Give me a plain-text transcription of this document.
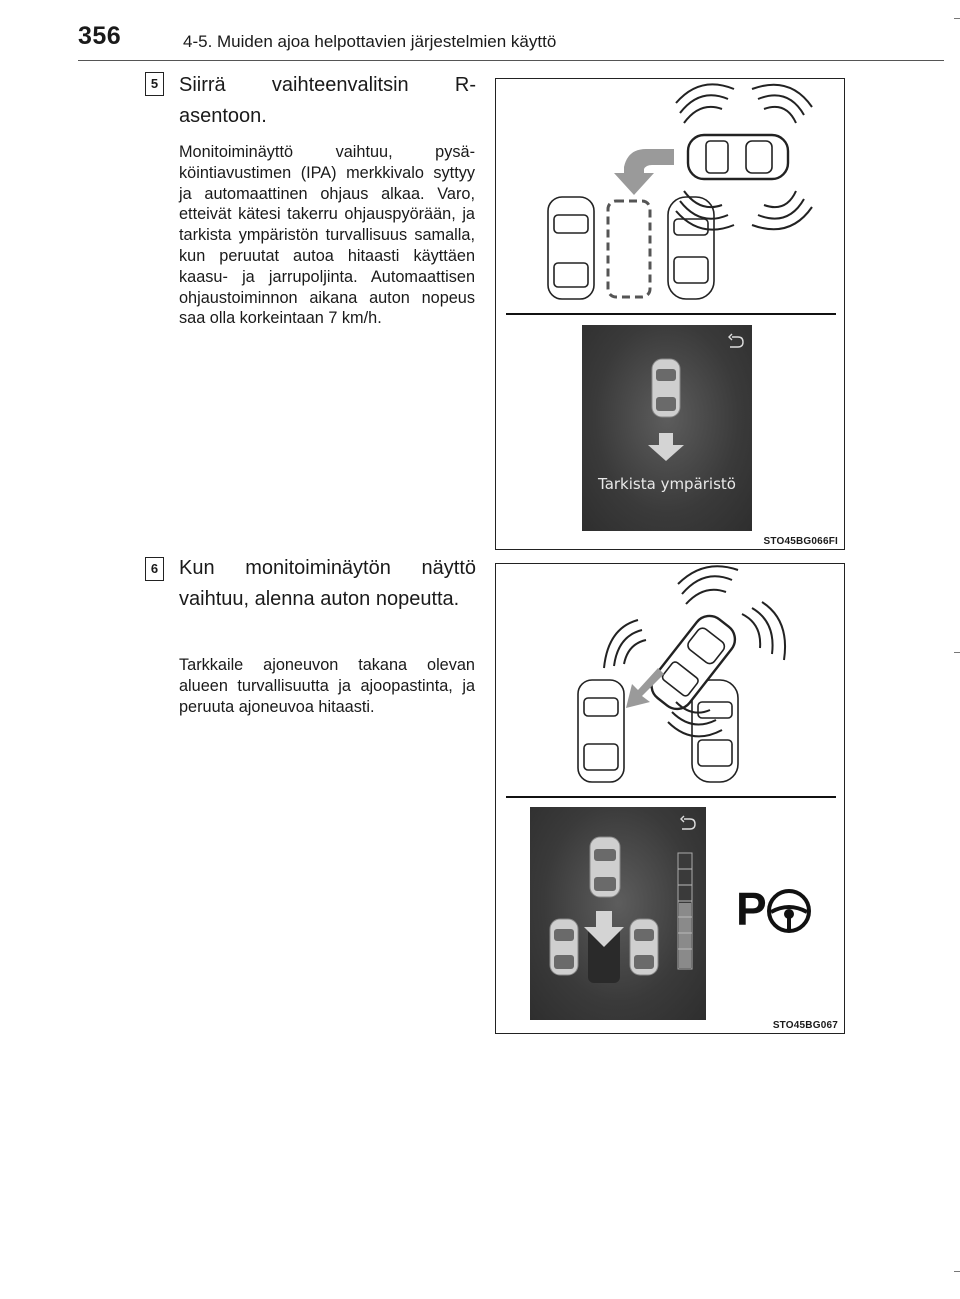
356	4-5. Muiden ajoa helpottavien järjestelmien käyttö
5 Siirrä vaihteenvalitsin R-asentoon.
Monitoiminäyttö vaihtuu, pysäköintiavustimen (IPA) merkkivalo syttyy ja automaattinen ohjaus alkaa. Varo, etteivät kätesi takerru ohjauspyörään, ja tarkista ympäristön turvallisuus samalla, kun peruutat autoa hitaasti käyttäen kaasu- ja jarrupoljinta. Automaattisen ohjaustoiminnon aikana auton nopeus saa olla korkeintaan 7 km/h.
Tarkista ympäristö
STO45BG066FI
6 Kun monitoiminäytön näyttö vaihtuu, alenna auton nopeutta.
Tarkkaile ajoneuvon takana olevan alueen turvallisuutta ja ajoopastinta, ja peruuta ajoneuvoa hitaasti.
P
STO45BG067
